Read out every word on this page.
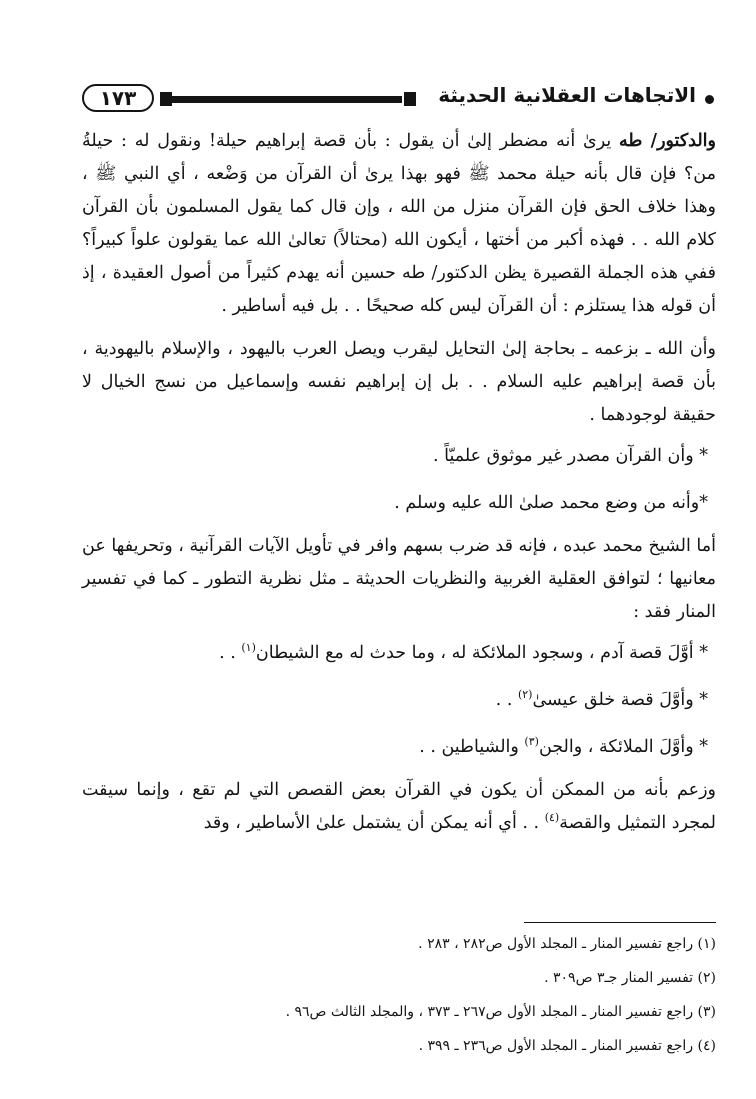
١٧٣	الاتجاهات العقلانية الحديثة

والدكتور/ طه يرىٰ أنه مضطر إلىٰ أن يقول : بأن قصة إبراهيم حيلة! ونقول له : حيلةُ من؟ فإن قال بأنه حيلة محمد ﷺ فهو بهذا يرىٰ أن القرآن من وَضْعه ، أي النبي ﷺ ، وهذا خلاف الحق فإن القرآن منزل من الله ، وإن قال كما يقول المسلمون بأن القرآن كلام الله . . فهذه أكبر من أختها ، أيكون الله (محتالاً) تعالىٰ الله عما يقولون علواً كبيراً؟ ففي هذه الجملة القصيرة يظن الدكتور/ طه حسين أنه يهدم كثيراً من أصول العقيدة ، إذ أن قوله هذا يستلزم : أن القرآن ليس كله صحيحًا . . بل فيه أساطير .

وأن الله ـ بزعمه ـ بحاجة إلىٰ التحايل ليقرب ويصل العرب باليهود ، والإسلام باليهودية ، بأن قصة إبراهيم عليه السلام . . بل إن إبراهيم نفسه وإسماعيل من نسج الخيال لا حقيقة لوجودهما .

* وأن القرآن مصدر غير موثوق علميّاً .

*وأنه من وضع محمد صلىٰ الله عليه وسلم .

أما الشيخ محمد عبده ، فإنه قد ضرب بسهم وافر في تأويل الآيات القرآنية ، وتحريفها عن معانيها ؛ لتوافق العقلية الغربية والنظريات الحديثة ـ مثل نظرية التطور ـ كما في تفسير المنار فقد :

* أوَّلَ قصة آدم ، وسجود الملائكة له ، وما حدث له مع الشيطان$^{(١)}$ . .

* وأوَّلَ قصة خلق عيسىٰ$^{(٢)}$ . .

* وأوَّلَ الملائكة ، والجن$^{(٣)}$ والشياطين . .

وزعم بأنه من الممكن أن يكون في القرآن بعض القصص التي لم تقع ، وإنما سيقت لمجرد التمثيل والقصة$^{(٤)}$ . . أي أنه يمكن أن يشتمل علىٰ الأساطير ، وقد

(١) راجع تفسير المنار ـ المجلد الأول ص٢٨٢ ، ٢٨٣ .

(٢) تفسير المنار جـ٣ ص٣٠٩ .

(٣) راجع تفسير المنار ـ المجلد الأول ص٢٦٧ ـ ٣٧٣ ، والمجلد الثالث ص٩٦ .

(٤) راجع تفسير المنار ـ المجلد الأول ص٢٣٦ ـ ٣٩٩ .
